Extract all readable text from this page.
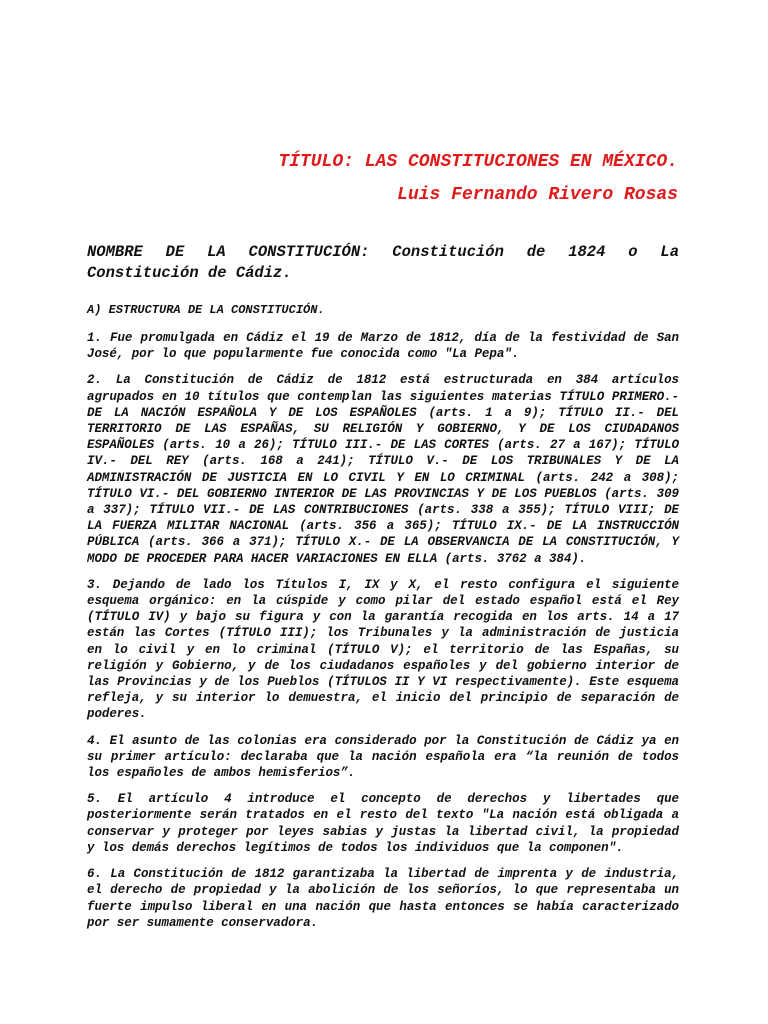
TÍTULO: LAS CONSTITUCIONES EN MÉXICO.

Luis Fernando Rivero Rosas

NOMBRE DE LA CONSTITUCIÓN: Constitución de 1824 o La Constitución de Cádiz.

A) ESTRUCTURA DE LA CONSTITUCIÓN.

1. Fue promulgada en Cádiz el 19 de Marzo de 1812, día de la festividad de San José, por lo que popularmente fue conocida como "La Pepa".

2. La Constitución de Cádiz de 1812 está estructurada en 384 artículos agrupados en 10 títulos que contemplan las siguientes materias TÍTULO PRIMERO.- DE LA NACIÓN ESPAÑOLA Y DE LOS ESPAÑOLES (arts. 1 a 9); TÍTULO II.- DEL TERRITORIO DE LAS ESPAÑAS, SU RELIGIÓN Y GOBIERNO, Y DE LOS CIUDADANOS ESPAÑOLES (arts. 10 a 26); TÍTULO III.- DE LAS CORTES (arts. 27 a 167); TÍTULO IV.- DEL REY (arts. 168 a 241); TÍTULO V.- DE LOS TRIBUNALES Y DE LA ADMINISTRACIÓN DE JUSTICIA EN LO CIVIL Y EN LO CRIMINAL (arts. 242 a 308); TÍTULO VI.- DEL GOBIERNO INTERIOR DE LAS PROVINCIAS Y DE LOS PUEBLOS (arts. 309 a 337); TÍTULO VII.- DE LAS CONTRIBUCIONES (arts. 338 a 355); TÍTULO VIII; DE LA FUERZA MILITAR NACIONAL (arts. 356 a 365); TÍTULO IX.- DE LA INSTRUCCIÓN PÚBLICA (arts. 366 a 371); TÍTULO X.- DE LA OBSERVANCIA DE LA CONSTITUCIÓN, Y MODO DE PROCEDER PARA HACER VARIACIONES EN ELLA (arts. 3762 a 384).

3. Dejando de lado los Títulos I, IX y X, el resto configura el siguiente esquema orgánico: en la cúspide y como pilar del estado español está el Rey (TÍTULO IV) y bajo su figura y con la garantía recogida en los arts. 14 a 17 están las Cortes (TÍTULO III); los Tribunales y la administración de justicia en lo civil y en lo criminal (TÍTULO V); el territorio de las Españas, su religión y Gobierno, y de los ciudadanos españoles y del gobierno interior de las Provincias y de los Pueblos (TÍTULOS II Y VI respectivamente). Este esquema refleja, y su interior lo demuestra, el inicio del principio de separación de poderes.

4. El asunto de las colonias era considerado por la Constitución de Cádiz ya en su primer artículo: declaraba que la nación española era “la reunión de todos los españoles de ambos hemisferios”.

5. El artículo 4 introduce el concepto de derechos y libertades que posteriormente serán tratados en el resto del texto "La nación está obligada a conservar y proteger por leyes sabias y justas la libertad civil, la propiedad y los demás derechos legítimos de todos los individuos que la componen".

6. La Constitución de 1812 garantizaba la libertad de imprenta y de industria, el derecho de propiedad y la abolición de los señoríos, lo que representaba un fuerte impulso liberal en una nación que hasta entonces se había caracterizado por ser sumamente conservadora.
